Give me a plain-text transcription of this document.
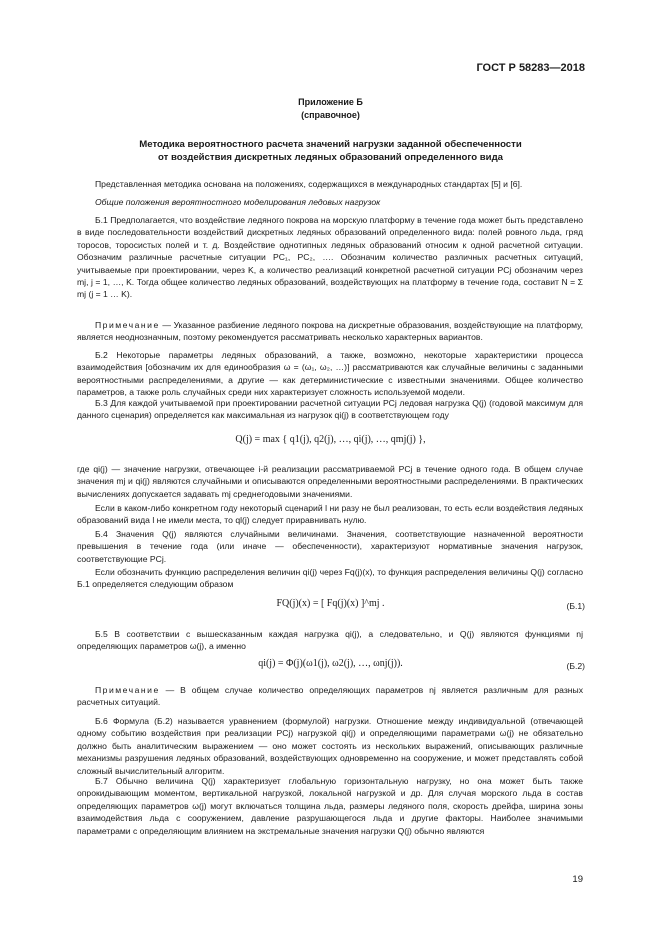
ГОСТ Р 58283—2018
Приложение Б
(справочное)
Методика вероятностного расчета значений нагрузки заданной обеспеченности
от воздействия дискретных ледяных образований определенного вида

Представленная методика основана на положениях, содержащихся в международных стандартах [5] и [6].

Общие положения вероятностного моделирования ледовых нагрузок

Б.1 Предполагается, что воздействие ледяного покрова на морскую платформу в течение года может быть представлено в виде последовательности воздействий дискретных ледяных образований определенного вида: полей ровного льда, гряд торосов, торосистых полей и т. д. Воздействие однотипных ледяных образований относим к одной расчетной ситуации. Обозначим различные расчетные ситуации PC₁, PC₂, …. Обозначим количество различных расчетных ситуаций, учитываемые при проектировании, через K, а количество реализаций конкретной расчетной ситуации PCj обозначим через mj, j = 1, …, K. Тогда общее количество ледяных образований, воздействующих на платформу в течение года, составит N = Σ mj (j = 1 … K).

Примечание — Указанное разбиение ледяного покрова на дискретные образования, воздействующие на платформу, является неоднозначным, поэтому рекомендуется рассматривать несколько характерных вариантов.

Б.2 Некоторые параметры ледяных образований, а также, возможно, некоторые характеристики процесса взаимодействия [обозначим их для единообразия ω = (ω₁, ω₂, …)] рассматриваются как случайные величины с заданными вероятностными распределениями, а другие — как детерминистические с известными значениями. Общее количество параметров, а также роль случайных среди них характеризует сложность используемой модели.

Б.3 Для каждой учитываемой при проектировании расчетной ситуации PCj ледовая нагрузка Q(j) (годовой максимум для данного сценария) определяется как максимальная из нагрузок qi(j) в соответствующем году

Q(j) = max { q1(j), q2(j), …, qi(j), …, qmj(j) },

где qi(j) — значение нагрузки, отвечающее i-й реализации рассматриваемой PCj в течение одного года. В общем случае значения mj и qi(j) являются случайными и описываются определенными вероятностными распределениями. В практических вычислениях допускается задавать mj среднегодовыми значениями.

Если в каком-либо конкретном году некоторый сценарий l ни разу не был реализован, то есть если воздействия ледяных образований вида l не имели места, то ql(j) следует приравнивать нулю.

Б.4 Значения Q(j) являются случайными величинами. Значения, соответствующие назначенной вероятности превышения в течение года (или иначе — обеспеченности), характеризуют нормативные значения нагрузок, соответствующие PCj.

Если обозначить функцию распределения величин qi(j) через Fq(j)(x), то функция распределения величины Q(j) согласно Б.1 определяется следующим образом

FQ(j)(x) = [ Fq(j)(x) ]^mj .	(Б.1)

Б.5 В соответствии с вышесказанным каждая нагрузка qi(j), а следовательно, и Q(j) являются функциями nj определяющих параметров ω(j), а именно

qi(j) = Φ(j)(ω1(j), ω2(j), …, ωnj(j)).	(Б.2)

Примечание — В общем случае количество определяющих параметров nj является различным для разных расчетных ситуаций.

Б.6 Формула (Б.2) называется уравнением (формулой) нагрузки. Отношение между индивидуальной (отвечающей одному событию воздействия при реализации PCj) нагрузкой qi(j) и определяющими параметрами ω(j) не обязательно должно быть аналитическим выражением — оно может состоять из нескольких выражений, описывающих различные механизмы разрушения ледяных образований, воздействующих одновременно на сооружение, и может представлять собой сложный вычислительный алгоритм.

Б.7 Обычно величина Q(j) характеризует глобальную горизонтальную нагрузку, но она может быть также опрокидывающим моментом, вертикальной нагрузкой, локальной нагрузкой и др. Для случая морского льда в состав определяющих параметров ω(j) могут включаться толщина льда, размеры ледяного поля, скорость дрейфа, ширина зоны взаимодействия льда с сооружением, давление разрушающегося льда и другие факторы. Наиболее значимыми параметрами с определяющим влиянием на экстремальные значения нагрузки Q(j) обычно являются

19
